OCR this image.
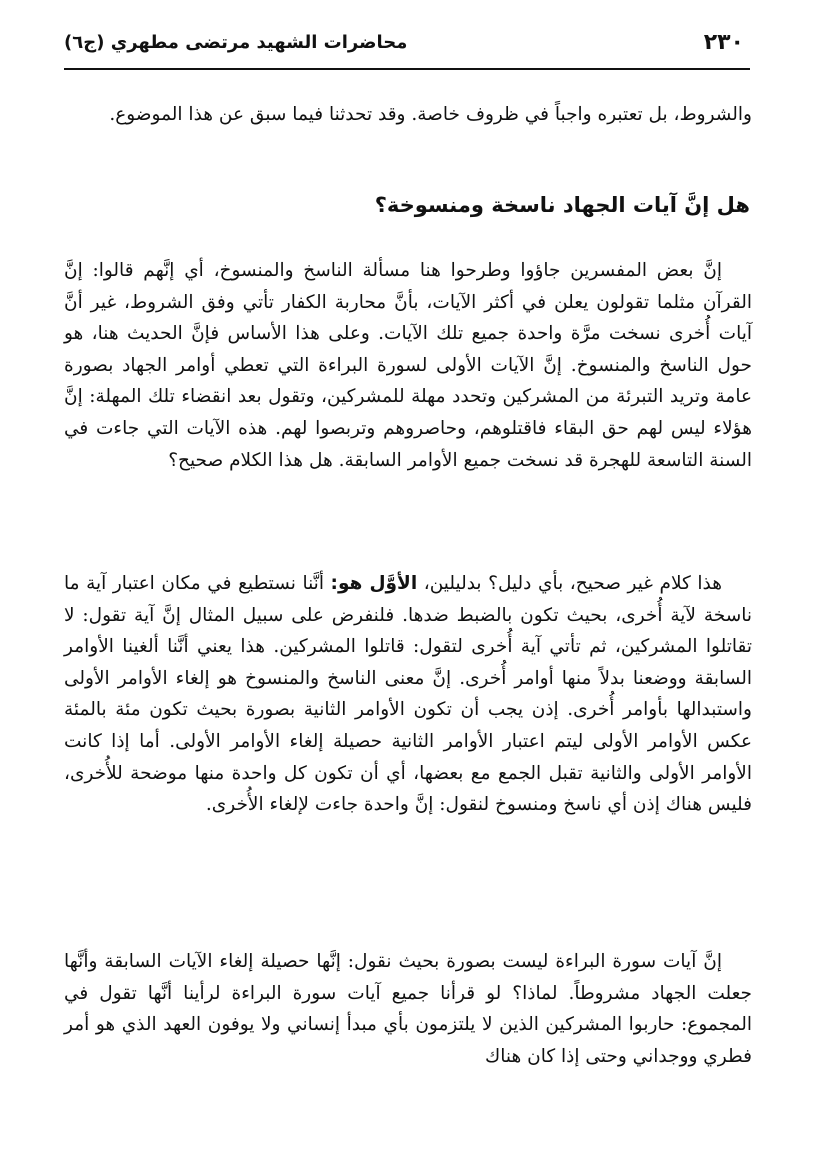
٢٣٠
محاضرات الشهيد مرتضى مطهري (ج٦)

والشروط، بل تعتبره واجباً في ظروف خاصة. وقد تحدثنا فيما سبق عن هذا الموضوع.

هل إنَّ آيات الجهاد ناسخة ومنسوخة؟

إنَّ بعض المفسرين جاؤوا وطرحوا هنا مسألة الناسخ والمنسوخ، أي إنَّهم قالوا: إنَّ القرآن مثلما تقولون يعلن في أكثر الآيات، بأنَّ محاربة الكفار تأتي وفق الشروط، غير أنَّ آيات أُخرى نسخت مرَّة واحدة جميع تلك الآيات. وعلى هذا الأساس فإنَّ الحديث هنا، هو حول الناسخ والمنسوخ. إنَّ الآيات الأولى لسورة البراءة التي تعطي أوامر الجهاد بصورة عامة وتريد التبرئة من المشركين وتحدد مهلة للمشركين، وتقول بعد انقضاء تلك المهلة: إنَّ هؤلاء ليس لهم حق البقاء فاقتلوهم، وحاصروهم وتربصوا لهم. هذه الآيات التي جاءت في السنة التاسعة للهجرة قد نسخت جميع الأوامر السابقة. هل هذا الكلام صحيح؟

هذا كلام غير صحيح، بأي دليل؟ بدليلين، الأوَّل هو: أنَّنا نستطيع في مكان اعتبار آية ما ناسخة لآية أُخرى، بحيث تكون بالضبط ضدها. فلنفرض على سبيل المثال إنَّ آية تقول: لا تقاتلوا المشركين، ثم تأتي آية أُخرى لتقول: قاتلوا المشركين. هذا يعني أنَّنا ألغينا الأوامر السابقة ووضعنا بدلاً منها أوامر أُخرى. إنَّ معنى الناسخ والمنسوخ هو إلغاء الأوامر الأولى واستبدالها بأوامر أُخرى. إذن يجب أن تكون الأوامر الثانية بصورة بحيث تكون مئة بالمئة عكس الأوامر الأولى ليتم اعتبار الأوامر الثانية حصيلة إلغاء الأوامر الأولى. أما إذا كانت الأوامر الأولى والثانية تقبل الجمع مع بعضها، أي أن تكون كل واحدة منها موضحة للأُخرى، فليس هناك إذن أي ناسخ ومنسوخ لنقول: إنَّ واحدة جاءت لإلغاء الأُخرى.

إنَّ آيات سورة البراءة ليست بصورة بحيث نقول: إنَّها حصيلة إلغاء الآيات السابقة وأنَّها جعلت الجهاد مشروطاً. لماذا؟ لو قرأنا جميع آيات سورة البراءة لرأينا أنَّها تقول في المجموع: حاربوا المشركين الذين لا يلتزمون بأي مبدأ إنساني ولا يوفون العهد الذي هو أمر فطري ووجداني وحتى إذا كان هناك
